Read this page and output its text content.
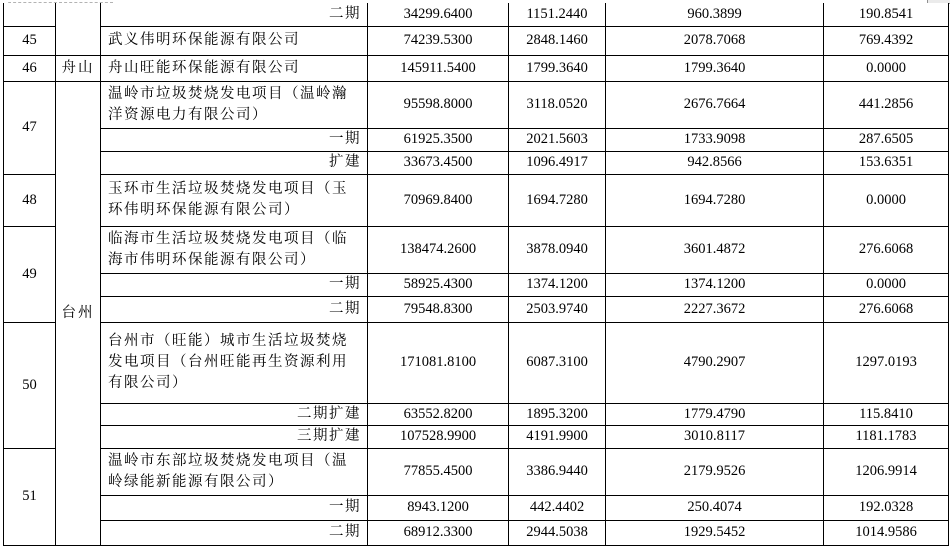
		二期	34299.6400	1151.2440	960.3899	190.8541
45		武义伟明环保能源有限公司	74239.5300	2848.1460	2078.7068	769.4392
46	舟山	舟山旺能环保能源有限公司	145911.5400	1799.3640	1799.3640	0.0000
47	台州	温岭市垃圾焚烧发电项目（温岭瀚洋资源电力有限公司）	95598.8000	3118.0520	2676.7664	441.2856
		一期	61925.3500	2021.5603	1733.9098	287.6505
		扩建	33673.4500	1096.4917	942.8566	153.6351
48		玉环市生活垃圾焚烧发电项目（玉环伟明环保能源有限公司）	70969.8400	1694.7280	1694.7280	0.0000
49		临海市生活垃圾焚烧发电项目（临海市伟明环保能源有限公司）	138474.2600	3878.0940	3601.4872	276.6068
		一期	58925.4300	1374.1200	1374.1200	0.0000
		二期	79548.8300	2503.9740	2227.3672	276.6068
50		台州市（旺能）城市生活垃圾焚烧发电项目（台州旺能再生资源利用有限公司）	171081.8100	6087.3100	4790.2907	1297.0193
		二期扩建	63552.8200	1895.3200	1779.4790	115.8410
		三期扩建	107528.9900	4191.9900	3010.8117	1181.1783
51		温岭市东部垃圾焚烧发电项目（温岭绿能新能源有限公司）	77855.4500	3386.9440	2179.9526	1206.9914
		一期	8943.1200	442.4402	250.4074	192.0328
		二期	68912.3300	2944.5038	1929.5452	1014.9586
